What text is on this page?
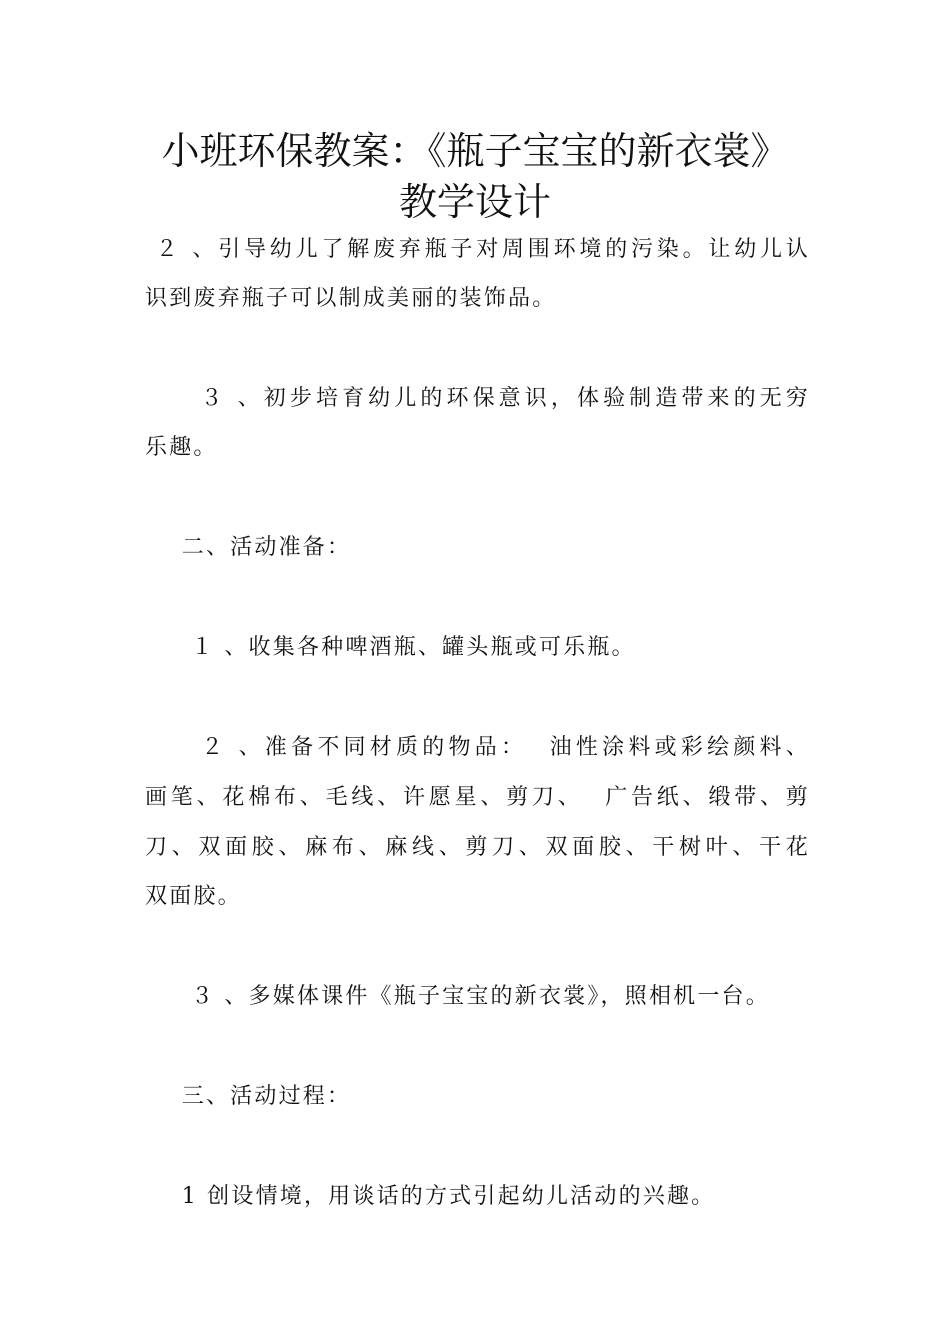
小班环保教案：《瓶子宝宝的新衣裳》
教学设计
２ 、引导幼儿了解废弃瓶子对周围环境的污染。让幼儿认
识到废弃瓶子可以制成美丽的装饰品。
３ 、初步培育幼儿的环保意识，体验制造带来的无穷
乐趣。
二、活动准备：
１ 、收集各种啤酒瓶、罐头瓶或可乐瓶。
２ 、准备不同材质的物品：  油性涂料或彩绘颜料、
画笔、花棉布、毛线、许愿星、剪刀、  广告纸、缎带、剪
刀、双面胶、麻布、麻线、剪刀、双面胶、干树叶、干花
双面胶。
３ 、多媒体课件《瓶子宝宝的新衣裳》，照相机一台。
三、活动过程：
1 创设情境，用谈话的方式引起幼儿活动的兴趣。
